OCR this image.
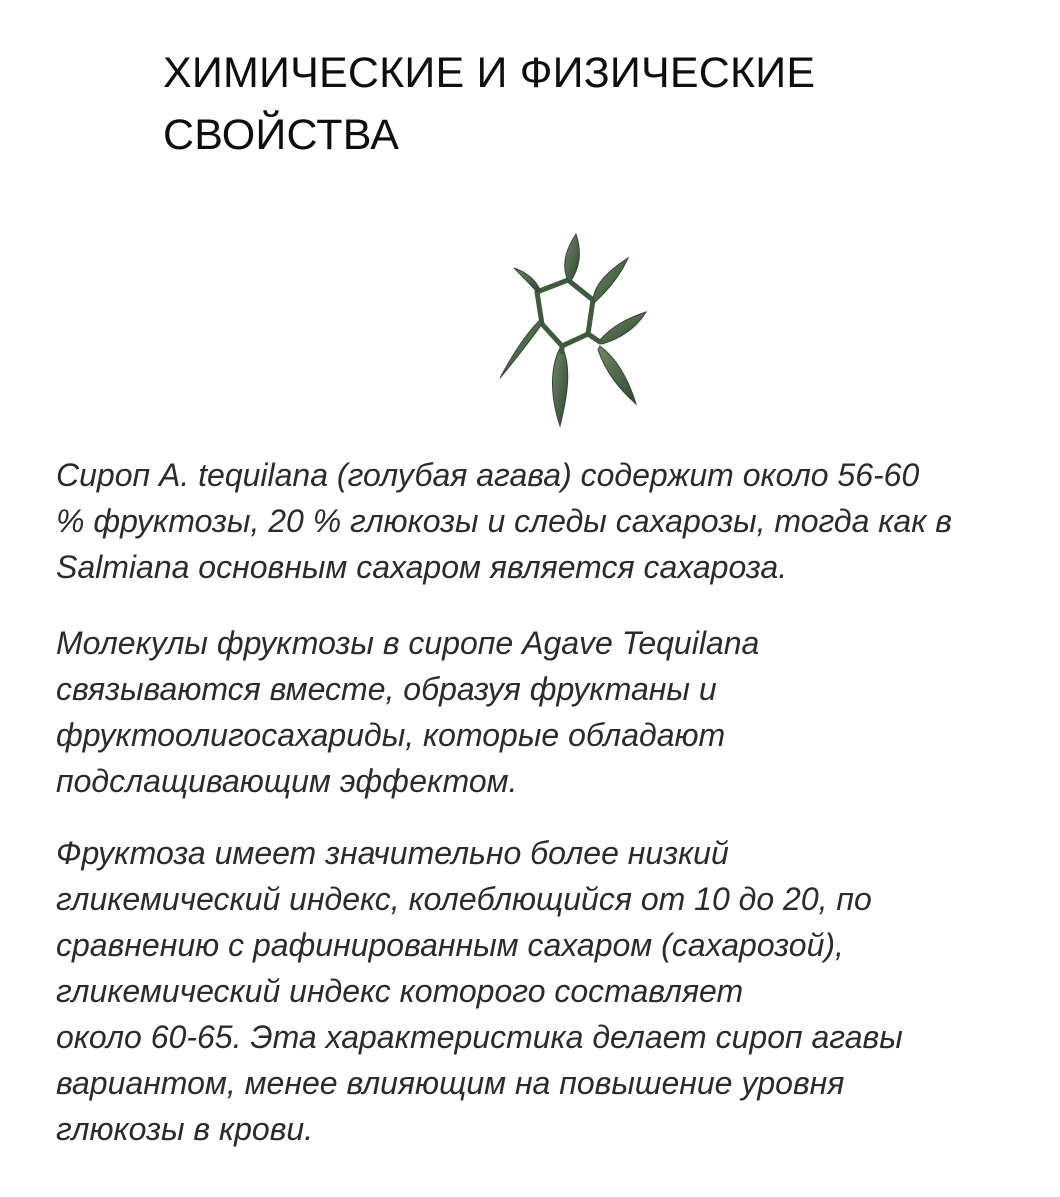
ХИМИЧЕСКИЕ И ФИЗИЧЕСКИЕ
СВОЙСТВА
Сироп A. tequilana (голубая агава) содержит около 56-60
% фруктозы, 20 % глюкозы и следы сахарозы, тогда как в
Salmiana основным сахаром является сахароза.
Молекулы фруктозы в сиропе Agave Tequilana
связываются вместе, образуя фруктаны и
фруктоолигосахариды, которые обладают
подслащивающим эффектом.
Фруктоза имеет значительно более низкий
гликемический индекс, колеблющийся от 10 до 20, по
сравнению с рафинированным сахаром (сахарозой),
гликемический индекс которого составляет
около 60-65. Эта характеристика делает сироп агавы
вариантом, менее влияющим на повышение уровня
глюкозы в крови.
